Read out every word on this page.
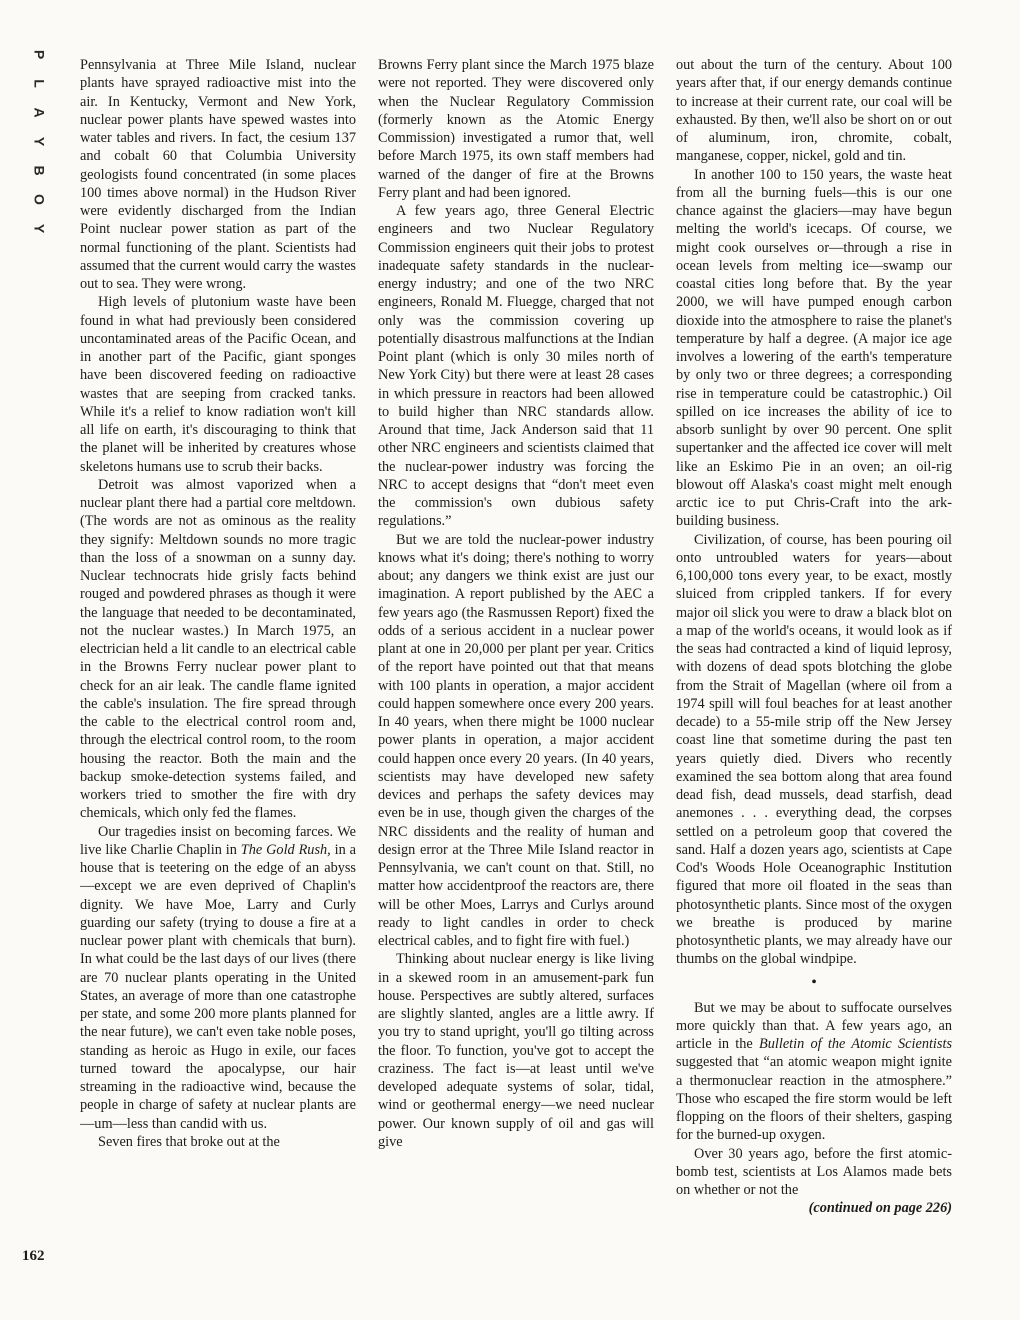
P
L
A
Y
B
O
Y
162

Pennsylvania at Three Mile Island, nuclear plants have sprayed radioactive mist into the air. In Kentucky, Vermont and New York, nuclear power plants have spewed wastes into water tables and rivers. In fact, the cesium 137 and cobalt 60 that Columbia University geologists found concentrated (in some places 100 times above normal) in the Hudson River were evidently discharged from the Indian Point nuclear power station as part of the normal functioning of the plant. Scientists had assumed that the current would carry the wastes out to sea. They were wrong.

High levels of plutonium waste have been found in what had previously been considered uncontaminated areas of the Pacific Ocean, and in another part of the Pacific, giant sponges have been discovered feeding on radioactive wastes that are seeping from cracked tanks. While it's a relief to know radiation won't kill all life on earth, it's discouraging to think that the planet will be inherited by creatures whose skeletons humans use to scrub their backs.

Detroit was almost vaporized when a nuclear plant there had a partial core meltdown. (The words are not as ominous as the reality they signify: Meltdown sounds no more tragic than the loss of a snowman on a sunny day. Nuclear technocrats hide grisly facts behind rouged and powdered phrases as though it were the language that needed to be decontaminated, not the nuclear wastes.) In March 1975, an electrician held a lit candle to an electrical cable in the Browns Ferry nuclear power plant to check for an air leak. The candle flame ignited the cable's insulation. The fire spread through the cable to the electrical control room and, through the electrical control room, to the room housing the reactor. Both the main and the backup smoke-detection systems failed, and workers tried to smother the fire with dry chemicals, which only fed the flames.

Our tragedies insist on becoming farces. We live like Charlie Chaplin in The Gold Rush, in a house that is teetering on the edge of an abyss—except we are even deprived of Chaplin's dignity. We have Moe, Larry and Curly guarding our safety (trying to douse a fire at a nuclear power plant with chemicals that burn). In what could be the last days of our lives (there are 70 nuclear plants operating in the United States, an average of more than one catastrophe per state, and some 200 more plants planned for the near future), we can't even take noble poses, standing as heroic as Hugo in exile, our faces turned toward the apocalypse, our hair streaming in the radioactive wind, because the people in charge of safety at nuclear plants are—um—less than candid with us.

Seven fires that broke out at the

Browns Ferry plant since the March 1975 blaze were not reported. They were discovered only when the Nuclear Regulatory Commission (formerly known as the Atomic Energy Commission) investigated a rumor that, well before March 1975, its own staff members had warned of the danger of fire at the Browns Ferry plant and had been ignored.

A few years ago, three General Electric engineers and two Nuclear Regulatory Commission engineers quit their jobs to protest inadequate safety standards in the nuclear-energy industry; and one of the two NRC engineers, Ronald M. Fluegge, charged that not only was the commission covering up potentially disastrous malfunctions at the Indian Point plant (which is only 30 miles north of New York City) but there were at least 28 cases in which pressure in reactors had been allowed to build higher than NRC standards allow. Around that time, Jack Anderson said that 11 other NRC engineers and scientists claimed that the nuclear-power industry was forcing the NRC to accept designs that “don't meet even the commission's own dubious safety regulations.”

But we are told the nuclear-power industry knows what it's doing; there's nothing to worry about; any dangers we think exist are just our imagination. A report published by the AEC a few years ago (the Rasmussen Report) fixed the odds of a serious accident in a nuclear power plant at one in 20,000 per plant per year. Critics of the report have pointed out that that means with 100 plants in operation, a major accident could happen somewhere once every 200 years. In 40 years, when there might be 1000 nuclear power plants in operation, a major accident could happen once every 20 years. (In 40 years, scientists may have developed new safety devices and perhaps the safety devices may even be in use, though given the charges of the NRC dissidents and the reality of human and design error at the Three Mile Island reactor in Pennsylvania, we can't count on that. Still, no matter how accidentproof the reactors are, there will be other Moes, Larrys and Curlys around ready to light candles in order to check electrical cables, and to fight fire with fuel.)

Thinking about nuclear energy is like living in a skewed room in an amusement-park fun house. Perspectives are subtly altered, surfaces are slightly slanted, angles are a little awry. If you try to stand upright, you'll go tilting across the floor. To function, you've got to accept the craziness. The fact is—at least until we've developed adequate systems of solar, tidal, wind or geothermal energy—we need nuclear power. Our known supply of oil and gas will give

out about the turn of the century. About 100 years after that, if our energy demands continue to increase at their current rate, our coal will be exhausted. By then, we'll also be short on or out of aluminum, iron, chromite, cobalt, manganese, copper, nickel, gold and tin.

In another 100 to 150 years, the waste heat from all the burning fuels—this is our one chance against the glaciers—may have begun melting the world's icecaps. Of course, we might cook ourselves or—through a rise in ocean levels from melting ice—swamp our coastal cities long before that. By the year 2000, we will have pumped enough carbon dioxide into the atmosphere to raise the planet's temperature by half a degree. (A major ice age involves a lowering of the earth's temperature by only two or three degrees; a corresponding rise in temperature could be catastrophic.) Oil spilled on ice increases the ability of ice to absorb sunlight by over 90 percent. One split supertanker and the affected ice cover will melt like an Eskimo Pie in an oven; an oil-rig blowout off Alaska's coast might melt enough arctic ice to put Chris-Craft into the ark-building business.

Civilization, of course, has been pouring oil onto untroubled waters for years—about 6,100,000 tons every year, to be exact, mostly sluiced from crippled tankers. If for every major oil slick you were to draw a black blot on a map of the world's oceans, it would look as if the seas had contracted a kind of liquid leprosy, with dozens of dead spots blotching the globe from the Strait of Magellan (where oil from a 1974 spill will foul beaches for at least another decade) to a 55-mile strip off the New Jersey coast line that sometime during the past ten years quietly died. Divers who recently examined the sea bottom along that area found dead fish, dead mussels, dead starfish, dead anemones . . . everything dead, the corpses settled on a petroleum goop that covered the sand. Half a dozen years ago, scientists at Cape Cod's Woods Hole Oceanographic Institution figured that more oil floated in the seas than photosynthetic plants. Since most of the oxygen we breathe is produced by marine photosynthetic plants, we may already have our thumbs on the global windpipe.

•

But we may be about to suffocate ourselves more quickly than that. A few years ago, an article in the Bulletin of the Atomic Scientists suggested that “an atomic weapon might ignite a thermonuclear reaction in the atmosphere.” Those who escaped the fire storm would be left flopping on the floors of their shelters, gasping for the burned-up oxygen.

Over 30 years ago, before the first atomic-bomb test, scientists at Los Alamos made bets on whether or not the

(continued on page 226)
